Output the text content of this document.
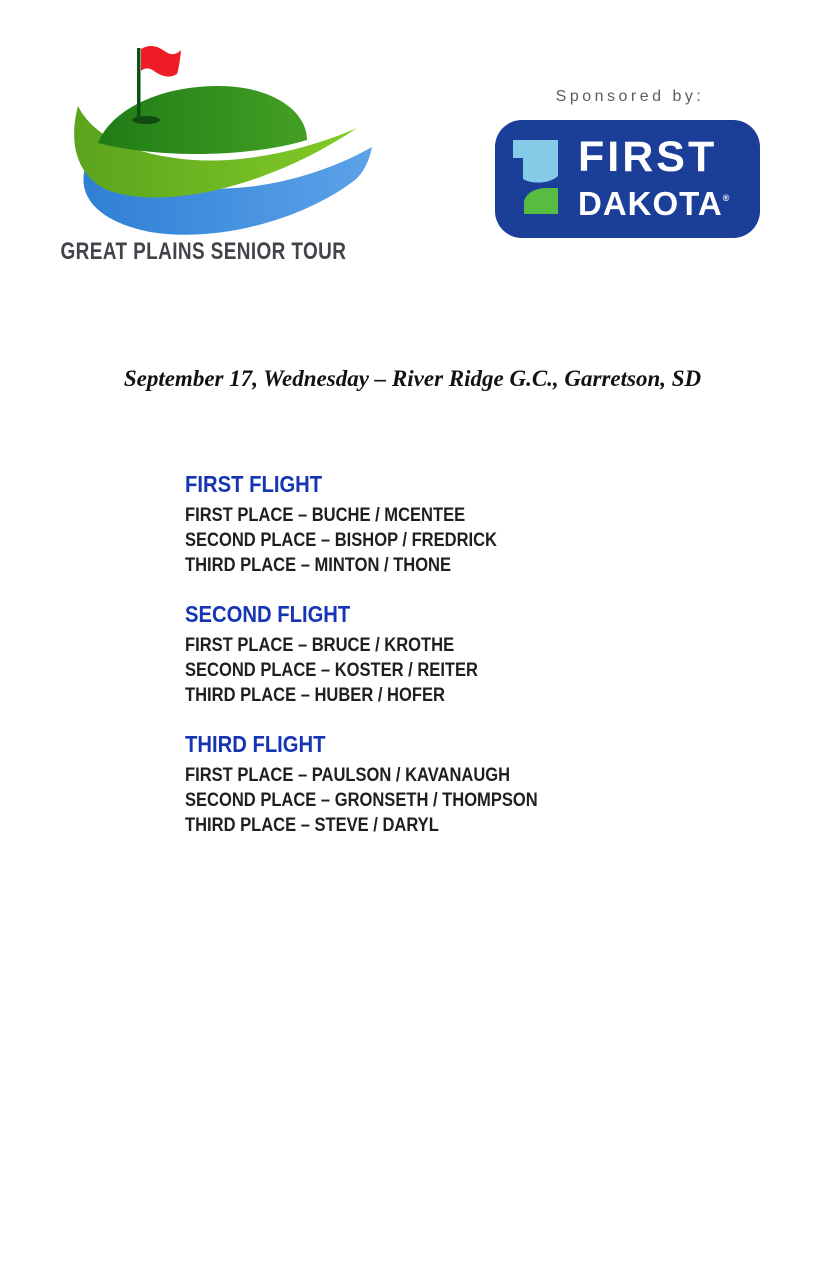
GREAT PLAINS SENIOR TOUR
Sponsored by:
FIRST
DAKOTA®
September 17, Wednesday – River Ridge G.C., Garretson, SD
FIRST FLIGHT
FIRST PLACE – BUCHE / MCENTEE
SECOND PLACE – BISHOP / FREDRICK
THIRD PLACE – MINTON / THONE
SECOND FLIGHT
FIRST PLACE – BRUCE / KROTHE
SECOND PLACE – KOSTER / REITER
THIRD PLACE – HUBER / HOFER
THIRD FLIGHT
FIRST PLACE – PAULSON / KAVANAUGH
SECOND PLACE – GRONSETH / THOMPSON
THIRD PLACE – STEVE / DARYL
